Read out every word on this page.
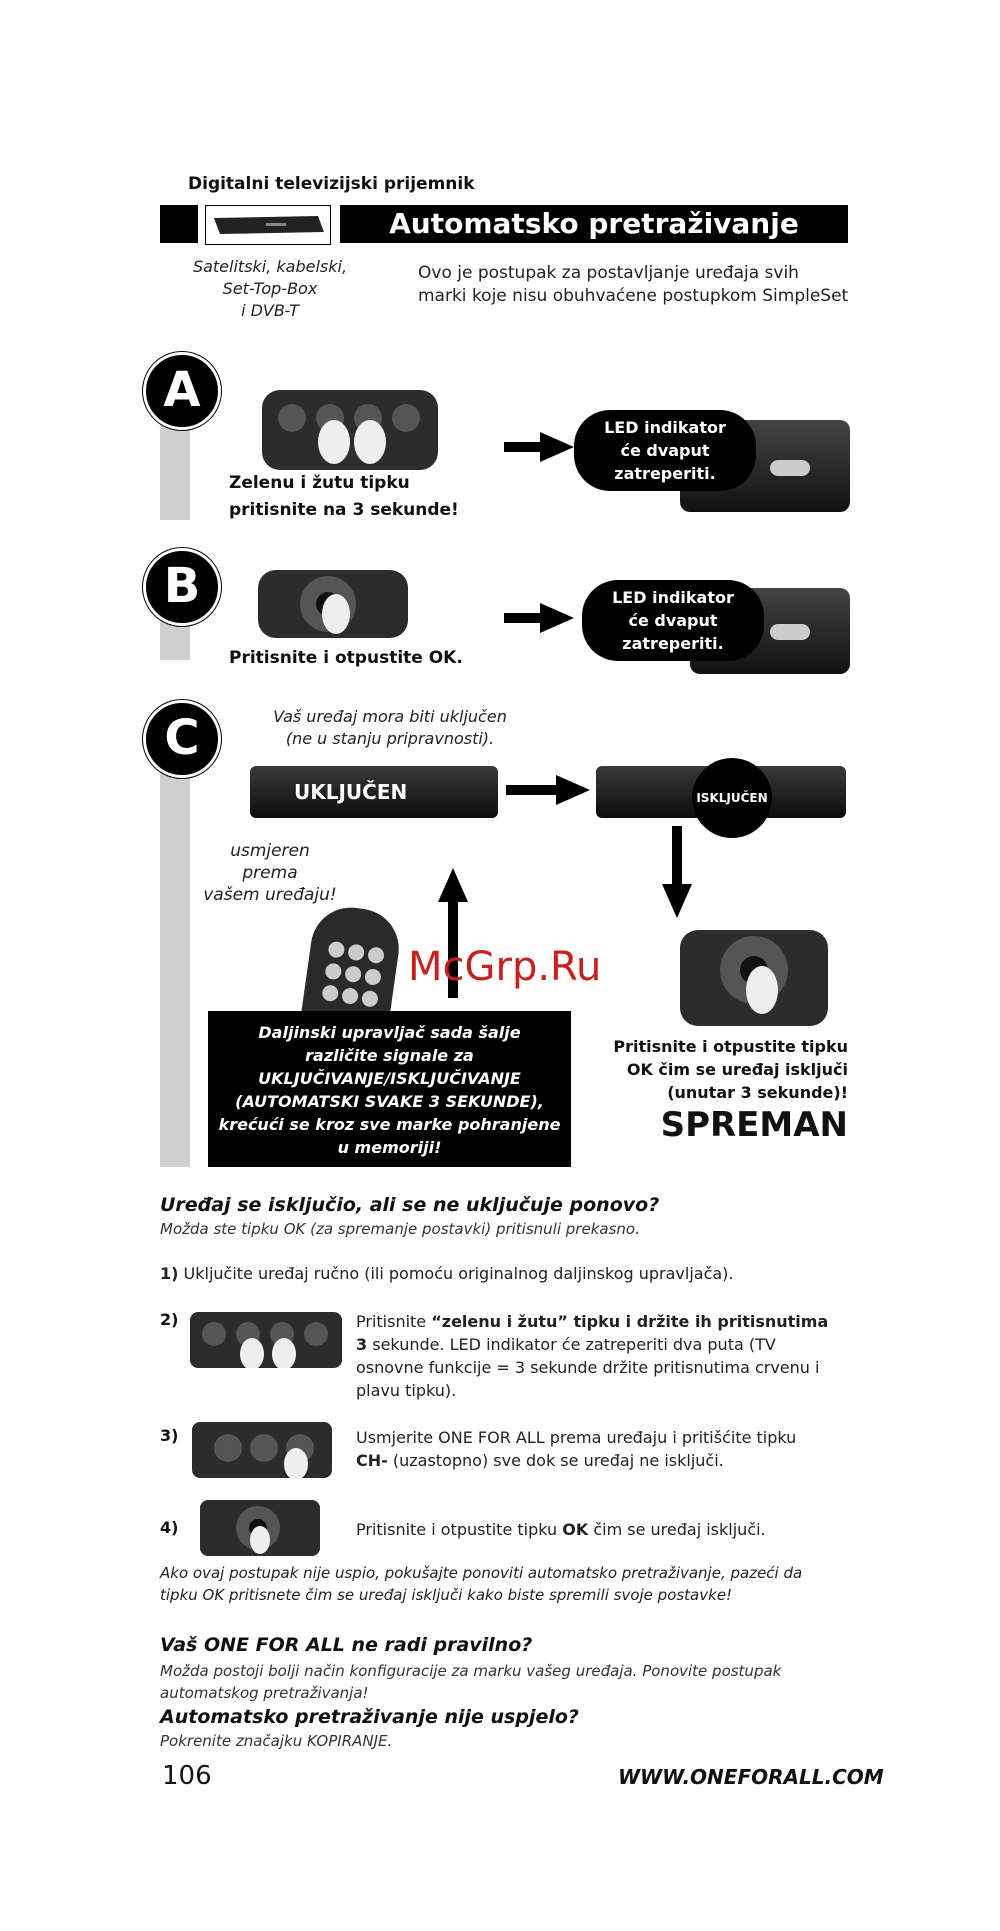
Digitalni televizijski prijemnik
Automatsko pretraživanje
Satelitski, kabelski,
Set-Top-Box
i DVB-T
Ovo je postupak za postavljanje uređaja svih marki koje nisu obuhvaćene postupkom SimpleSet
A
Zelenu i žutu tipku
pritisnite na 3 sekunde!
LED indikator
će dvaput
zatreperiti.
B
Pritisnite i otpustite OK.
LED indikator
će dvaput
zatreperiti.
C	Vaš uređaj mora biti uključen
(ne u stanju pripravnosti).
UKLJUČEN	ISKLJUČEN
usmjeren prema
vašem uređaju!
McGrp.Ru
Daljinski upravljač sada šalje
različite signale za
UKLJUČIVANJE/ISKLJUČIVANJE
(AUTOMATSKI SVAKE 3 SEKUNDE),
krećući se kroz sve marke pohranjene
u memoriji!
Pritisnite i otpustite tipku
OK čim se uređaj isključi
(unutar 3 sekunde)!
SPREMAN
Uređaj se isključio, ali se ne uključuje ponovo?
Možda ste tipku OK (za spremanje postavki) pritisnuli prekasno.
1) Uključite uređaj ručno (ili pomoću originalnog daljinskog upravljača).
2)	Pritisnite “zelenu i žutu” tipku i držite ih pritisnutima 3 sekunde. LED indikator će zatreperiti dva puta (TV osnovne funkcije = 3 sekunde držite pritisnutima crvenu i plavu tipku).
3)	Usmjerite ONE FOR ALL prema uređaju i pritišćite tipku
CH- (uzastopno) sve dok se uređaj ne isključi.
4)	Pritisnite i otpustite tipku OK čim se uređaj isključi.
Ako ovaj postupak nije uspio, pokušajte ponoviti automatsko pretraživanje, pazeći da tipku OK pritisnete čim se uređaj isključi kako biste spremili svoje postavke!
Vaš ONE FOR ALL ne radi pravilno?
Možda postoji bolji način konfiguracije za marku vašeg uređaja. Ponovite postupak automatskog pretraživanja!
Automatsko pretraživanje nije uspjelo?
Pokrenite značajku KOPIRANJE.
106	WWW.ONEFORALL.COM
